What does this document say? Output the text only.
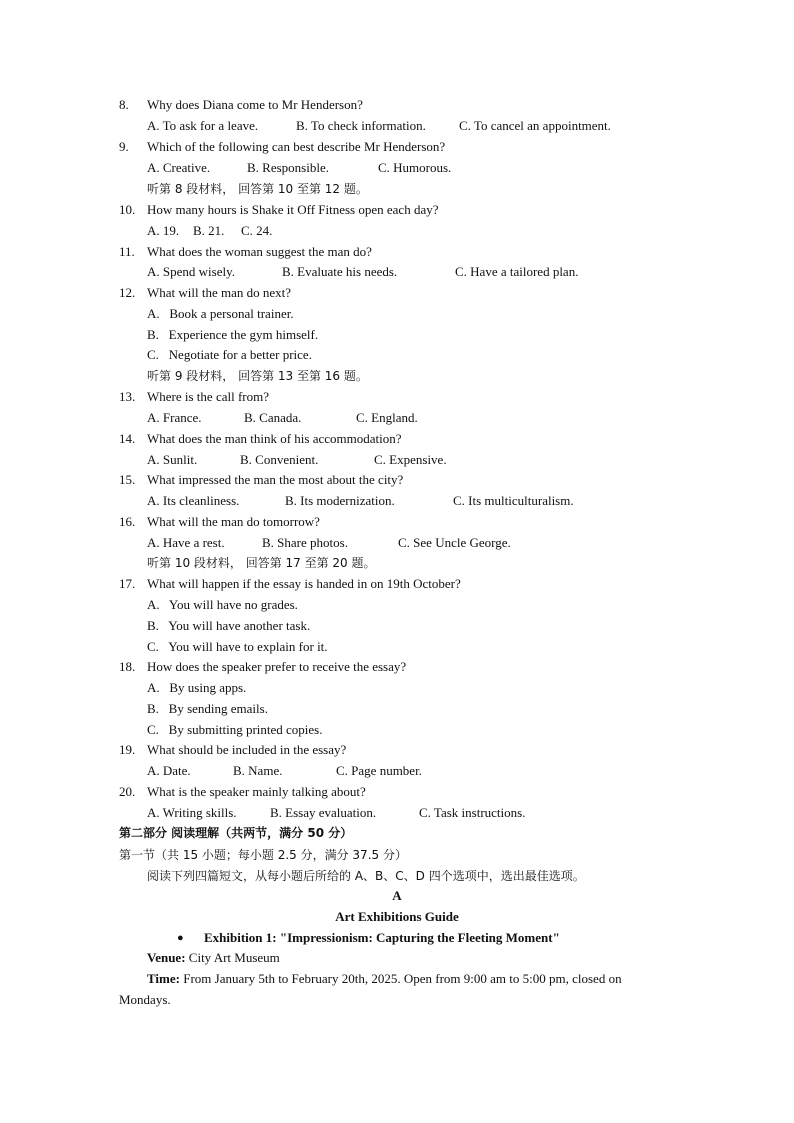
8. Why does Diana come to Mr Henderson?
A. To ask for a leave.	B. To check information.	C. To cancel an appointment.
9. Which of the following can best describe Mr Henderson?
A. Creative.	B. Responsible.	C. Humorous.
听第 8 段材料， 回答第 10 至第 12 题。
10. How many hours is Shake it Off Fitness open each day?
A. 19. B. 21. C. 24.
11. What does the woman suggest the man do?
A. Spend wisely.	B. Evaluate his needs.	C. Have a tailored plan.
12. What will the man do next?
A.   Book a personal trainer.
B.   Experience the gym himself.
C.   Negotiate for a better price.
听第 9 段材料， 回答第 13 至第 16 题。
13. Where is the call from?
A. France.	B. Canada.	C. England.
14. What does the man think of his accommodation?
A. Sunlit.	B. Convenient.	C. Expensive.
15. What impressed the man the most about the city?
A. Its cleanliness.	B. Its modernization.	C. Its multiculturalism.
16. What will the man do tomorrow?
A. Have a rest.	B. Share photos.	C. See Uncle George.
听第 10 段材料， 回答第 17 至第 20 题。
17. What will happen if the essay is handed in on 19th October?
A.   You will have no grades.
B.   You will have another task.
C.   You will have to explain for it.
18. How does the speaker prefer to receive the essay?
A.   By using apps.
B.   By sending emails.
C.   By submitting printed copies.
19. What should be included in the essay?
A. Date.	B. Name.	C. Page number.
20. What is the speaker mainly talking about?
A. Writing skills.	B. Essay evaluation.	C. Task instructions.
第二部分 阅读理解（共两节，满分 50 分）
第一节（共 15 小题；每小题 2.5 分，满分 37.5 分）
阅读下列四篇短文，从每小题后所给的 A、B、C、D 四个选项中，选出最佳选项。
A
Art Exhibitions Guide
● Exhibition 1: "Impressionism: Capturing the Fleeting Moment"
Venue: City Art Museum
Time: From January 5th to February 20th, 2025. Open from 9:00 am to 5:00 pm, closed on
Mondays.
